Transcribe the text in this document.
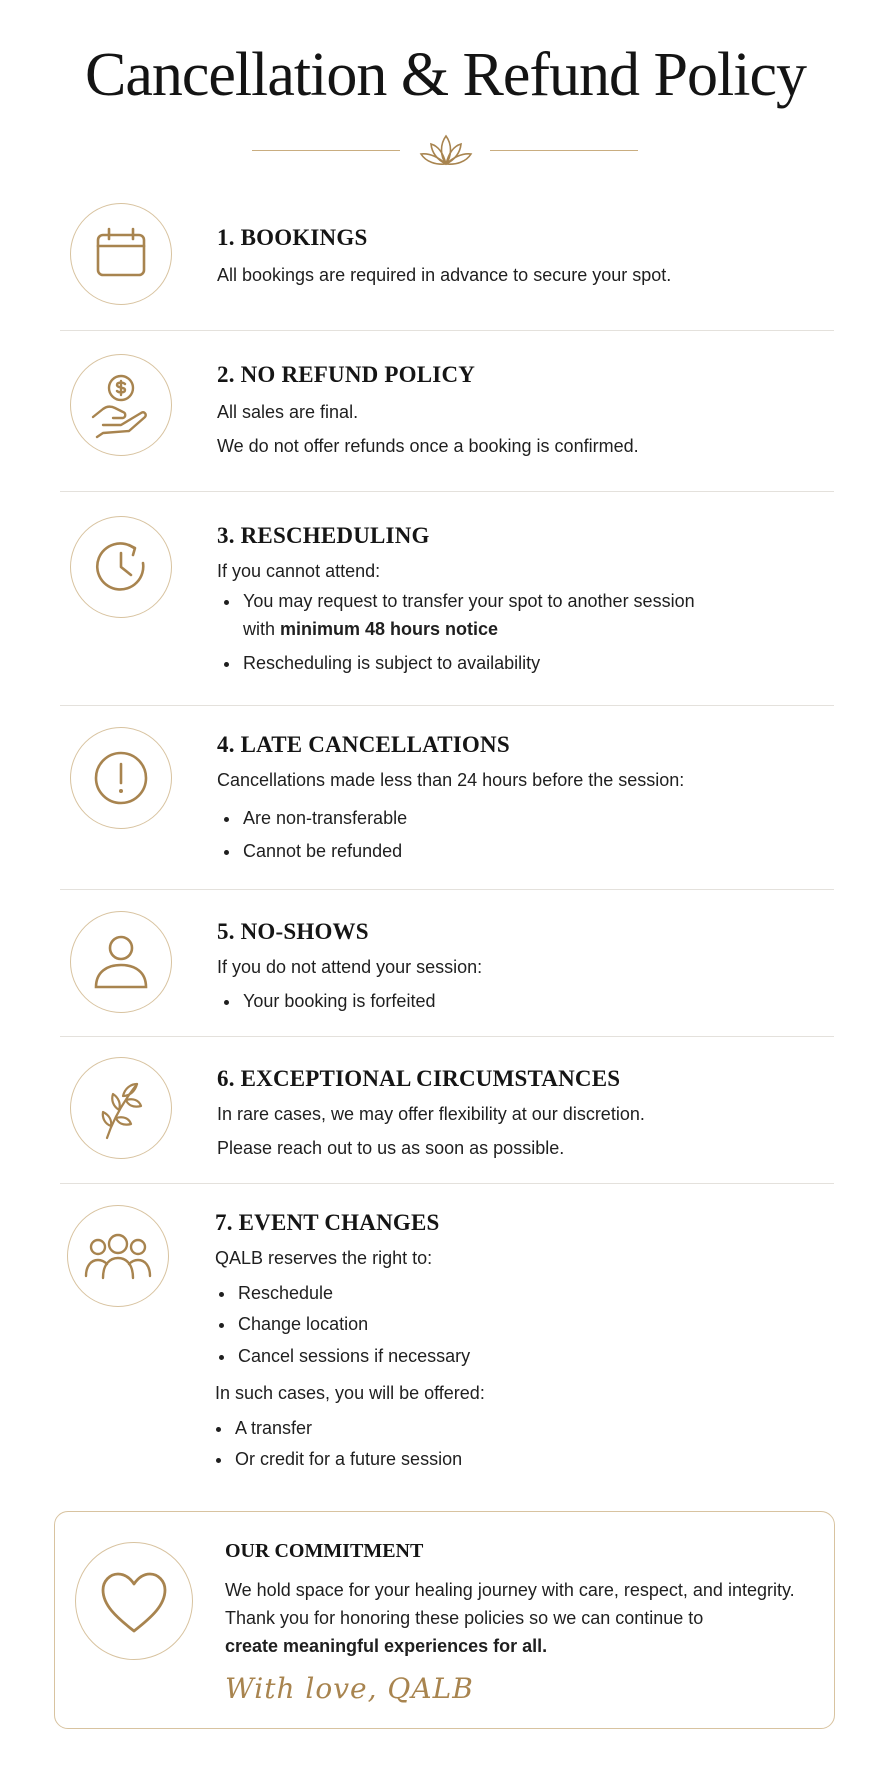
Cancellation & Refund Policy
1. BOOKINGS
All bookings are required in advance to secure your spot.
2. NO REFUND POLICY
All sales are final.
We do not offer refunds once a booking is confirmed.
3. RESCHEDULING
If you cannot attend:
You may request to transfer your spot to another session
with minimum 48 hours notice
Rescheduling is subject to availability
4. LATE CANCELLATIONS
Cancellations made less than 24 hours before the session:
Are non-transferable
Cannot be refunded
5. NO-SHOWS
If you do not attend your session:
Your booking is forfeited
6. EXCEPTIONAL CIRCUMSTANCES
In rare cases, we may offer flexibility at our discretion.
Please reach out to us as soon as possible.
7. EVENT CHANGES
QALB reserves the right to:
Reschedule
Change location
Cancel sessions if necessary
In such cases, you will be offered:
A transfer
Or credit for a future session
OUR COMMITMENT
We hold space for your healing journey with care, respect, and integrity.
Thank you for honoring these policies so we can continue to
create meaningful experiences for all.
With love, QALB
